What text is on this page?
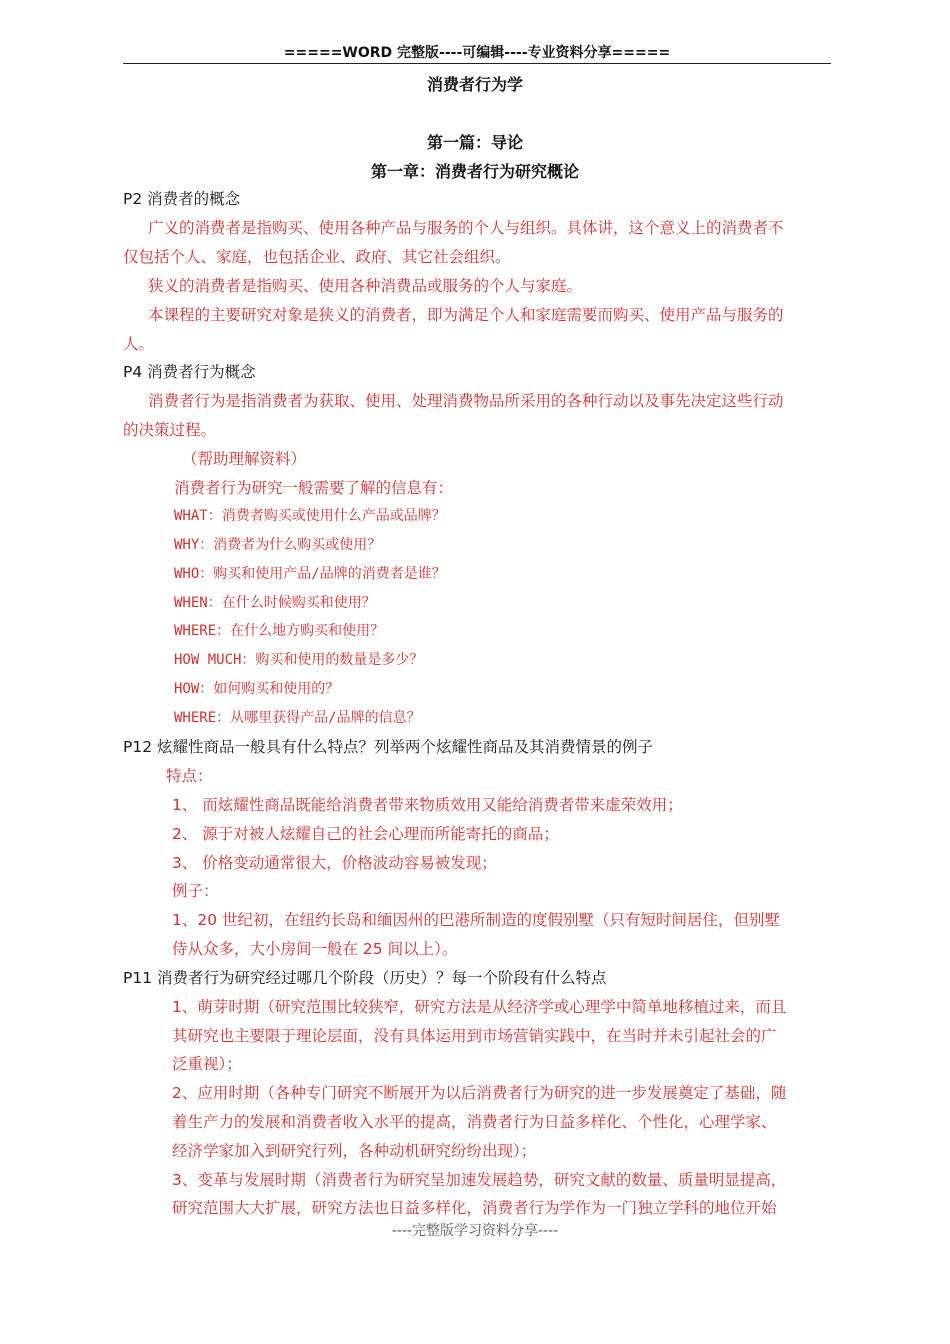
=====WORD 完整版----可编辑----专业资料分享=====
消费者行为学
第一篇：导论
第一章：消费者行为研究概论
P2 消费者的概念
广义的消费者是指购买、使用各种产品与服务的个人与组织。具体讲，这个意义上的消费者不
仅包括个人、家庭，也包括企业、政府、其它社会组织。
狭义的消费者是指购买、使用各种消费品或服务的个人与家庭。
本课程的主要研究对象是狭义的消费者，即为满足个人和家庭需要而购买、使用产品与服务的
人。
P4 消费者行为概念
消费者行为是指消费者为获取、使用、处理消费物品所采用的各种行动以及事先决定这些行动
的决策过程。
（帮助理解资料）
消费者行为研究一般需要了解的信息有：
WHAT：消费者购买或使用什么产品或品牌？
WHY：消费者为什么购买或使用？
WHO：购买和使用产品/品牌的消费者是谁？
WHEN：在什么时候购买和使用？
WHERE：在什么地方购买和使用？
HOW MUCH：购买和使用的数量是多少？
HOW：如何购买和使用的？
WHERE：从哪里获得产品/品牌的信息？
P12 炫耀性商品一般具有什么特点？列举两个炫耀性商品及其消费情景的例子
特点：
1、 而炫耀性商品既能给消费者带来物质效用又能给消费者带来虚荣效用；
2、 源于对被人炫耀自己的社会心理而所能寄托的商品；
3、 价格变动通常很大，价格波动容易被发现；
例子：
1、20 世纪初，在纽约长岛和缅因州的巴港所制造的度假别墅（只有短时间居住，但别墅
侍从众多，大小房间一般在 25 间以上）。
P11 消费者行为研究经过哪几个阶段（历史）？每一个阶段有什么特点
1、萌芽时期（研究范围比较狭窄，研究方法是从经济学或心理学中简单地移植过来，而且
其研究也主要限于理论层面，没有具体运用到市场营销实践中，在当时并未引起社会的广
泛重视）；
2、应用时期（各种专门研究不断展开为以后消费者行为研究的进一步发展奠定了基础，随
着生产力的发展和消费者收入水平的提高，消费者行为日益多样化、个性化，心理学家、
经济学家加入到研究行列，各种动机研究纷纷出现）；
3、变革与发展时期（消费者行为研究呈加速发展趋势，研究文献的数量、质量明显提高，
研究范围大大扩展，研究方法也日益多样化，消费者行为学作为一门独立学科的地位开始
----完整版学习资料分享----
